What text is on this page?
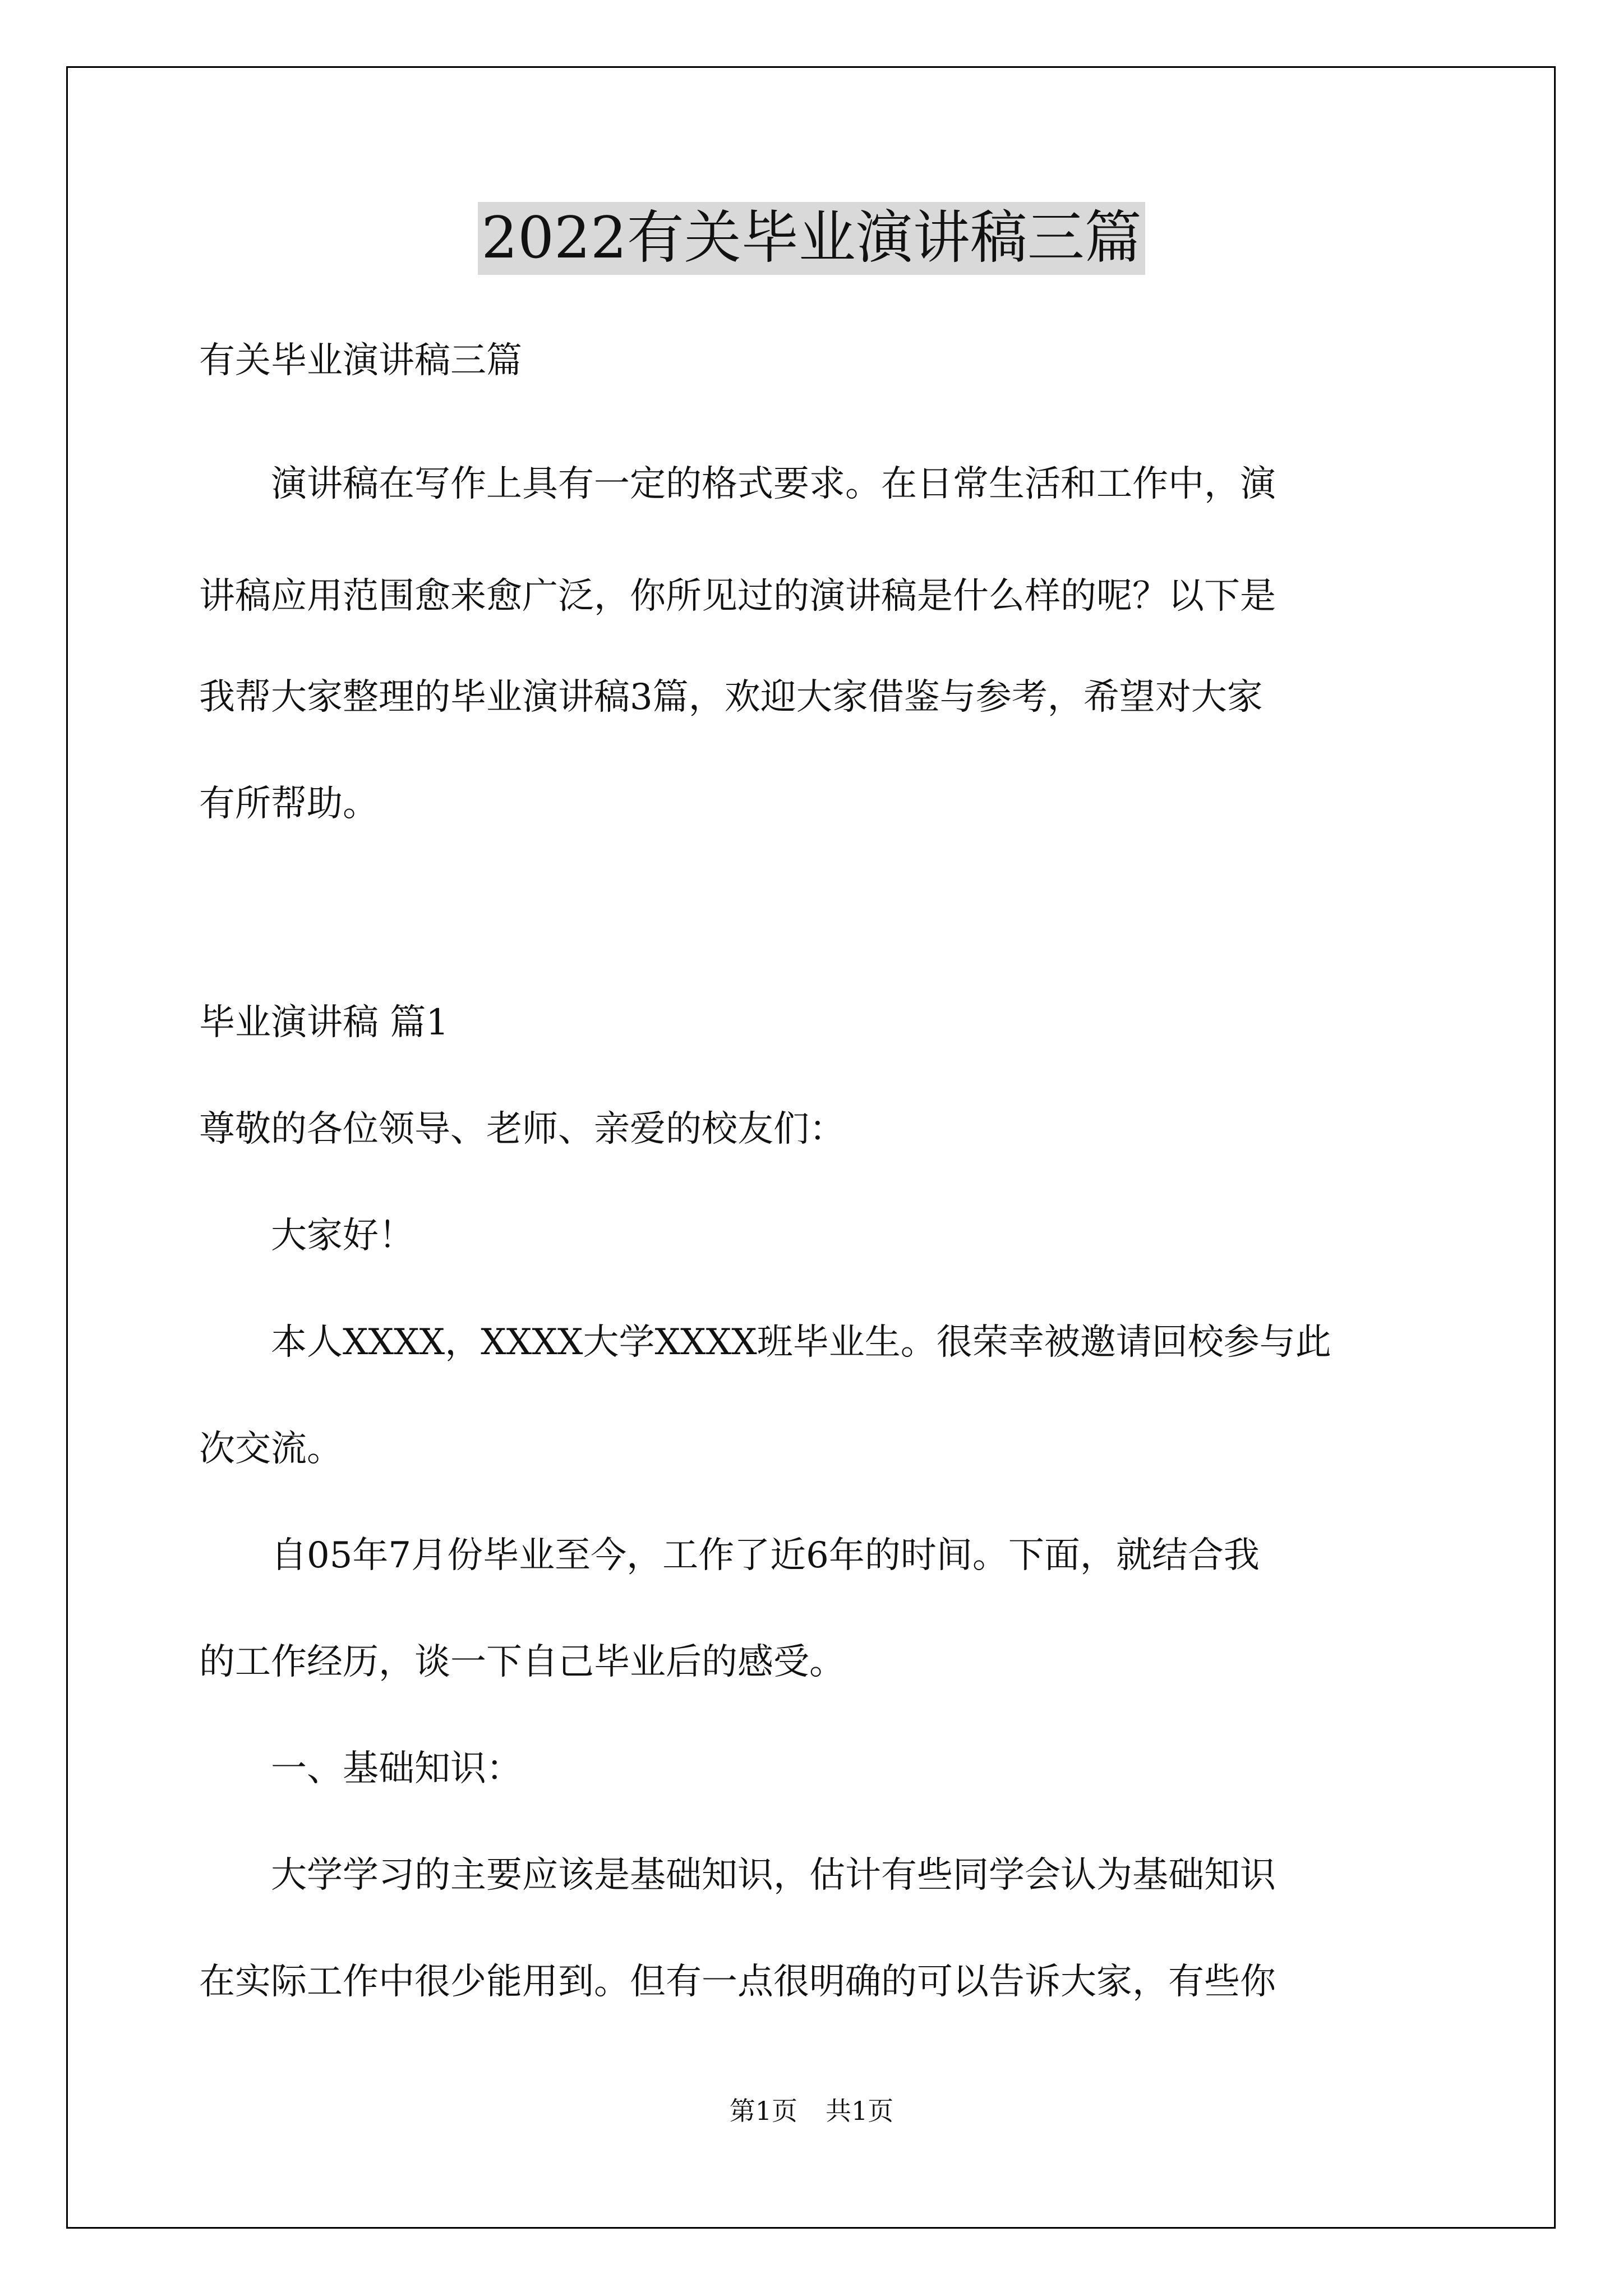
2022有关毕业演讲稿三篇

有关毕业演讲稿三篇

　　演讲稿在写作上具有一定的格式要求。在日常生活和工作中，演

讲稿应用范围愈来愈广泛，你所见过的演讲稿是什么样的呢？以下是

我帮大家整理的毕业演讲稿3篇，欢迎大家借鉴与参考，希望对大家

有所帮助。

毕业演讲稿 篇1

尊敬的各位领导、老师、亲爱的校友们：

　　大家好！

　　本人XXXX，XXXX大学XXXX班毕业生。很荣幸被邀请回校参与此

次交流。

　　自05年7月份毕业至今，工作了近6年的时间。下面，就结合我

的工作经历，谈一下自己毕业后的感受。

　　一、基础知识：

　　大学学习的主要应该是基础知识，估计有些同学会认为基础知识

在实际工作中很少能用到。但有一点很明确的可以告诉大家，有些你

第1页 共1页
